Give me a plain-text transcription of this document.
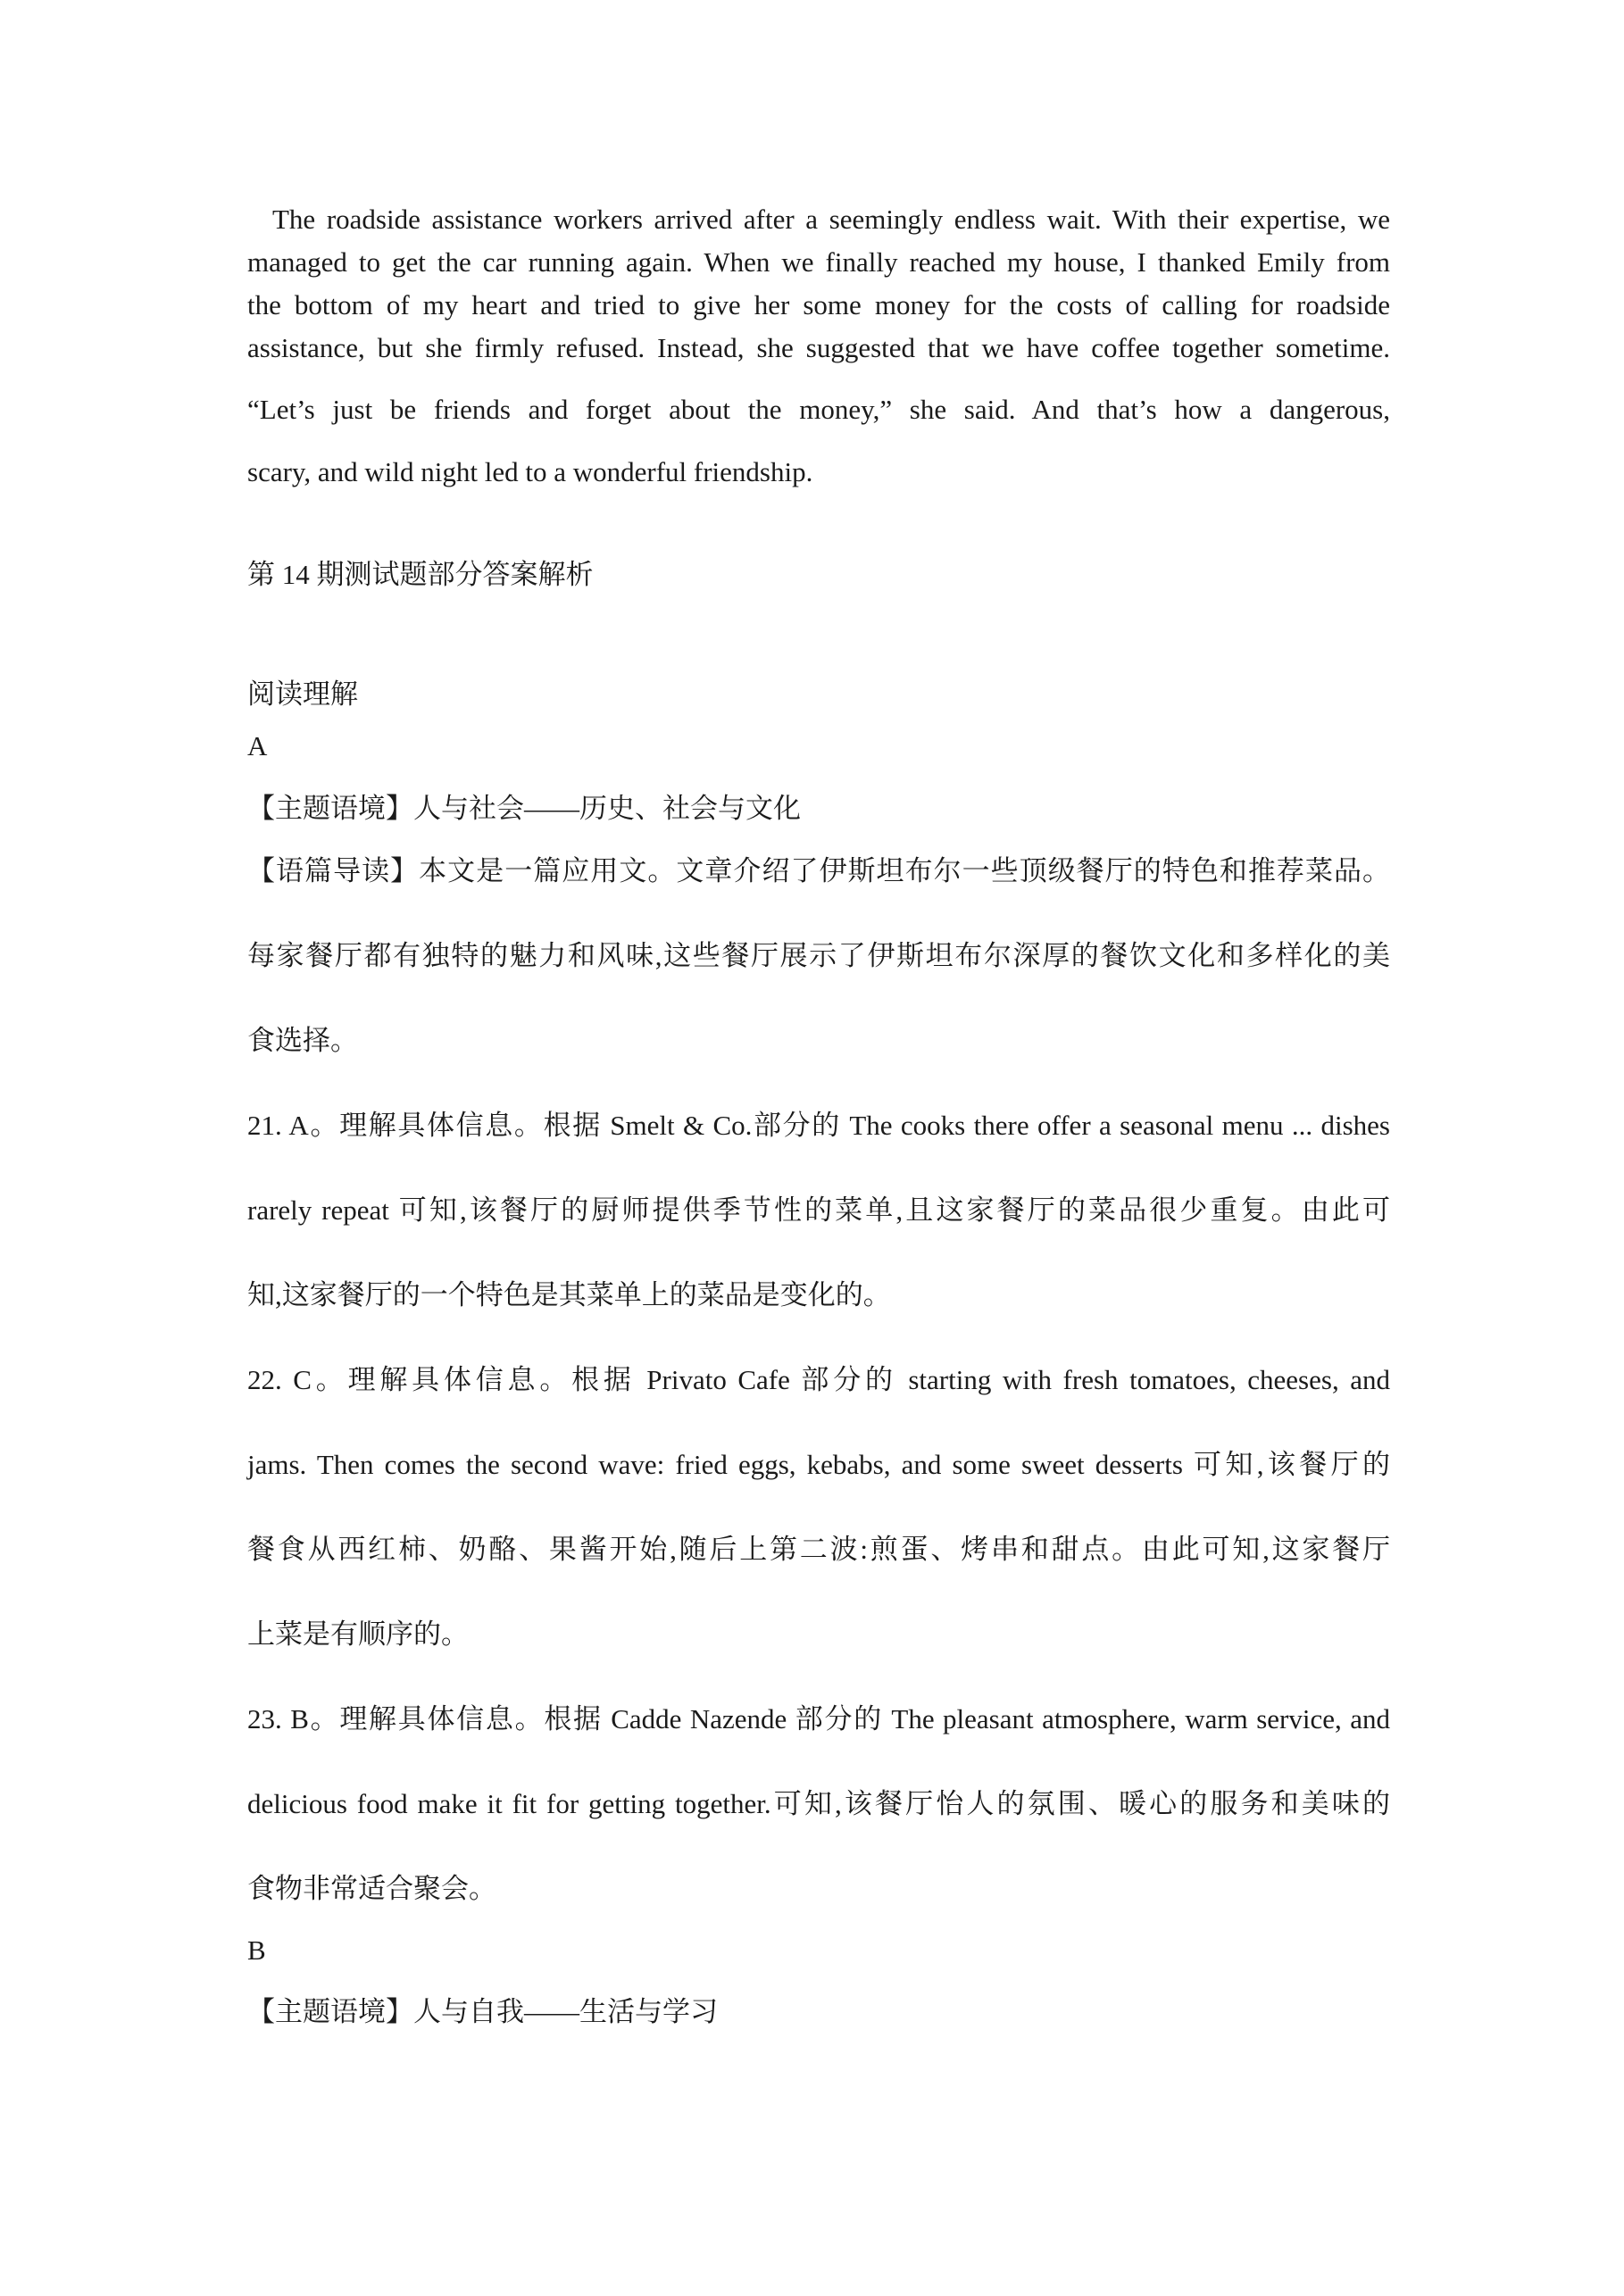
The roadside assistance workers arrived after a seemingly endless wait. With their expertise, we

managed to get the car running again. When we finally reached my house, I thanked Emily from

the bottom of my heart and tried to give her some money for the costs of calling for roadside

assistance, but she firmly refused. Instead, she suggested that we have coffee together sometime.

“Let’s just be friends and forget about the money,” she said. And that’s how a dangerous,

scary, and wild night led to a wonderful friendship.

第 14 期测试题部分答案解析

阅读理解

A

【主题语境】人与社会——历史、社会与文化

【语篇导读】本文是一篇应用文。文章介绍了伊斯坦布尔一些顶级餐厅的特色和推荐菜品。

每家餐厅都有独特的魅力和风味,这些餐厅展示了伊斯坦布尔深厚的餐饮文化和多样化的美

食选择。

21. A。理解具体信息。根据 Smelt & Co.部分的 The cooks there offer a seasonal menu ... dishes

rarely repeat 可知,该餐厅的厨师提供季节性的菜单,且这家餐厅的菜品很少重复。由此可

知,这家餐厅的一个特色是其菜单上的菜品是变化的。

22. C。理解具体信息。根据 Privato Cafe 部分的 starting with fresh tomatoes, cheeses, and

jams. Then comes the second wave: fried eggs, kebabs, and some sweet desserts 可知,该餐厅的

餐食从西红柿、奶酪、果酱开始,随后上第二波:煎蛋、烤串和甜点。由此可知,这家餐厅

上菜是有顺序的。

23. B。理解具体信息。根据 Cadde Nazende 部分的 The pleasant atmosphere, warm service, and

delicious food make it fit for getting together.可知,该餐厅怡人的氛围、暖心的服务和美味的

食物非常适合聚会。

B

【主题语境】人与自我——生活与学习
